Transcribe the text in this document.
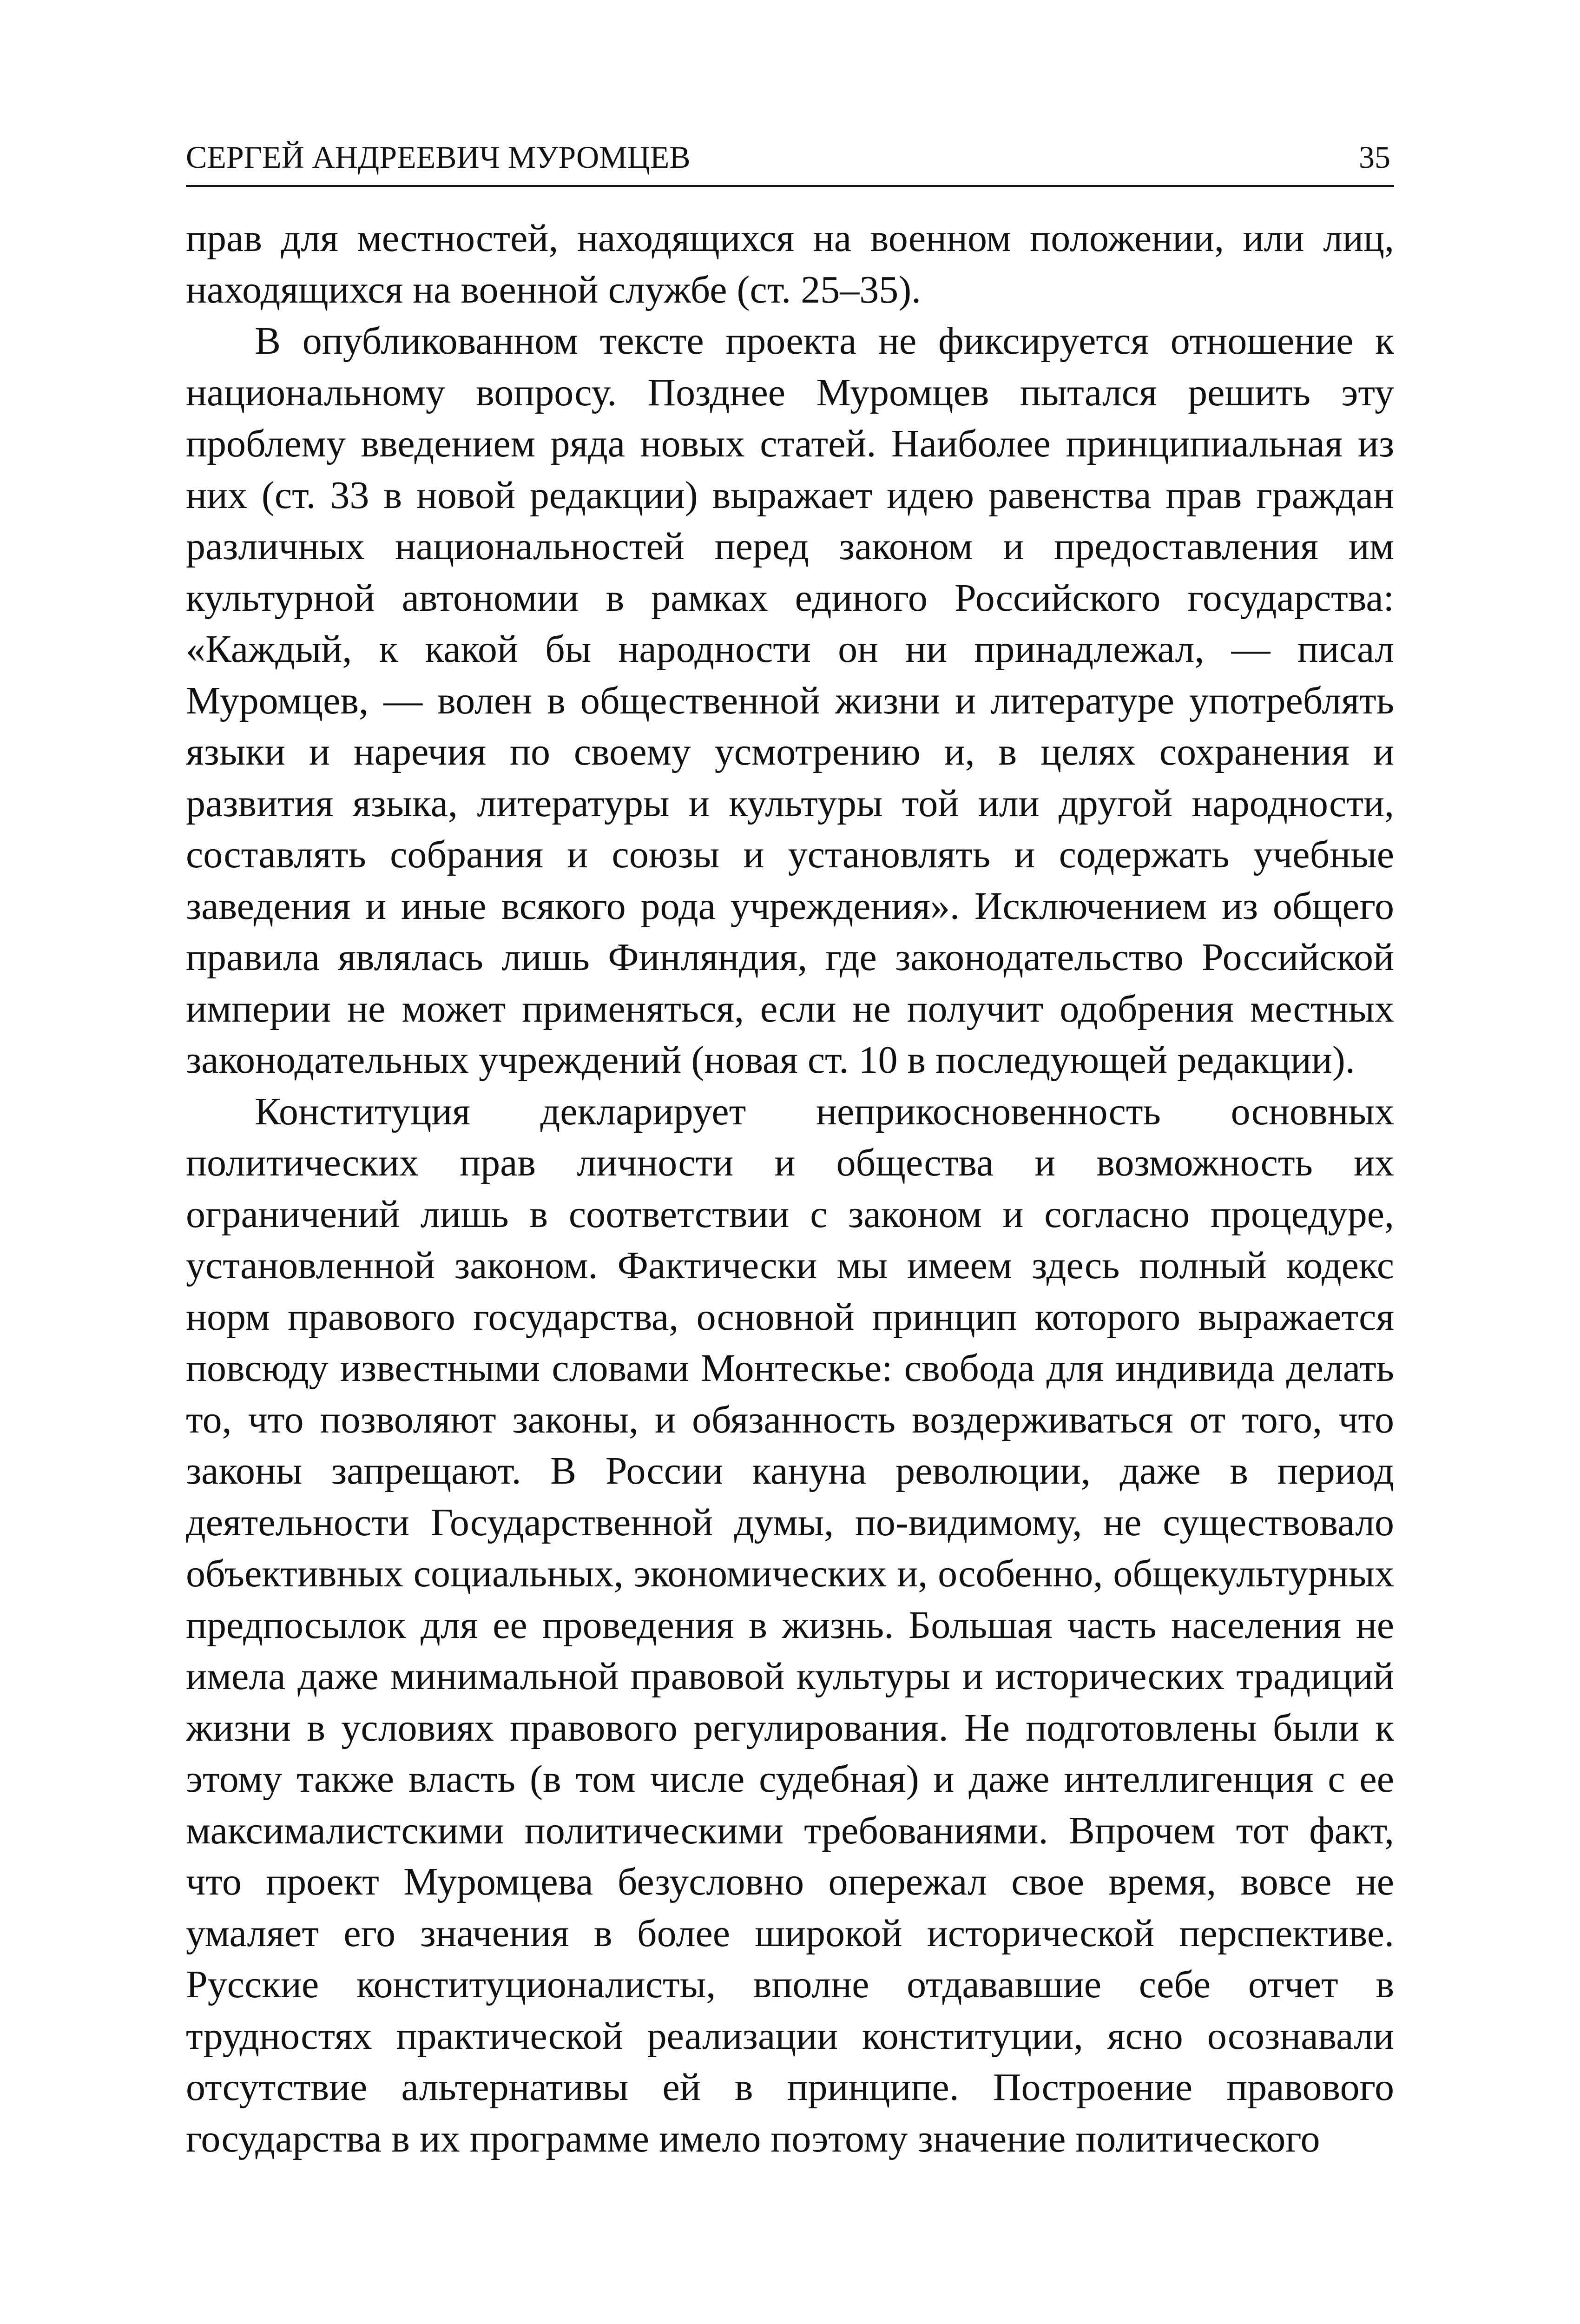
СЕРГЕЙ АНДРЕЕВИЧ МУРОМЦЕВ	35

прав для местностей, находящихся на военном положении, или лиц, находящихся на военной службе (ст. 25–35).

В опубликованном тексте проекта не фиксируется отношение к национальному вопросу. Позднее Муромцев пытался решить эту проблему введением ряда новых статей. Наиболее принципиальная из них (ст. 33 в новой редакции) выражает идею равенства прав граждан различных национальностей перед законом и предоставления им культурной автономии в рамках единого Российского государства: «Каждый, к какой бы народности он ни принадлежал, — писал Муромцев, — волен в общественной жизни и литературе употреблять языки и наречия по своему усмотрению и, в целях сохранения и развития языка, литературы и культуры той или другой народности, составлять собрания и союзы и установлять и содержать учебные заведения и иные всякого рода учреждения». Исключением из общего правила являлась лишь Финляндия, где законодательство Российской империи не может применяться, если не получит одобрения местных законодательных учреждений (новая ст. 10 в последующей редакции).

Конституция декларирует неприкосновенность основных политических прав личности и общества и возможность их ограничений лишь в соответствии с законом и согласно процедуре, установленной законом. Фактически мы имеем здесь полный кодекс норм правового государства, основной принцип которого выражается повсюду известными словами Монтескье: свобода для индивида делать то, что позволяют законы, и обязанность воздерживаться от того, что законы запрещают. В России кануна революции, даже в период деятельности Государственной думы, по-видимому, не существовало объективных социальных, экономических и, особенно, общекультурных предпосылок для ее проведения в жизнь. Большая часть населения не имела даже минимальной правовой культуры и исторических традиций жизни в условиях правового регулирования. Не подготовлены были к этому также власть (в том числе судебная) и даже интеллигенция с ее максималистскими политическими требованиями. Впрочем тот факт, что проект Муромцева безусловно опережал свое время, вовсе не умаляет его значения в более широкой исторической перспективе. Русские конституционалисты, вполне отдававшие себе отчет в трудностях практической реализации конституции, ясно осознавали отсутствие альтернативы ей в принципе. Построение правового государства в их программе имело поэтому значение политического
